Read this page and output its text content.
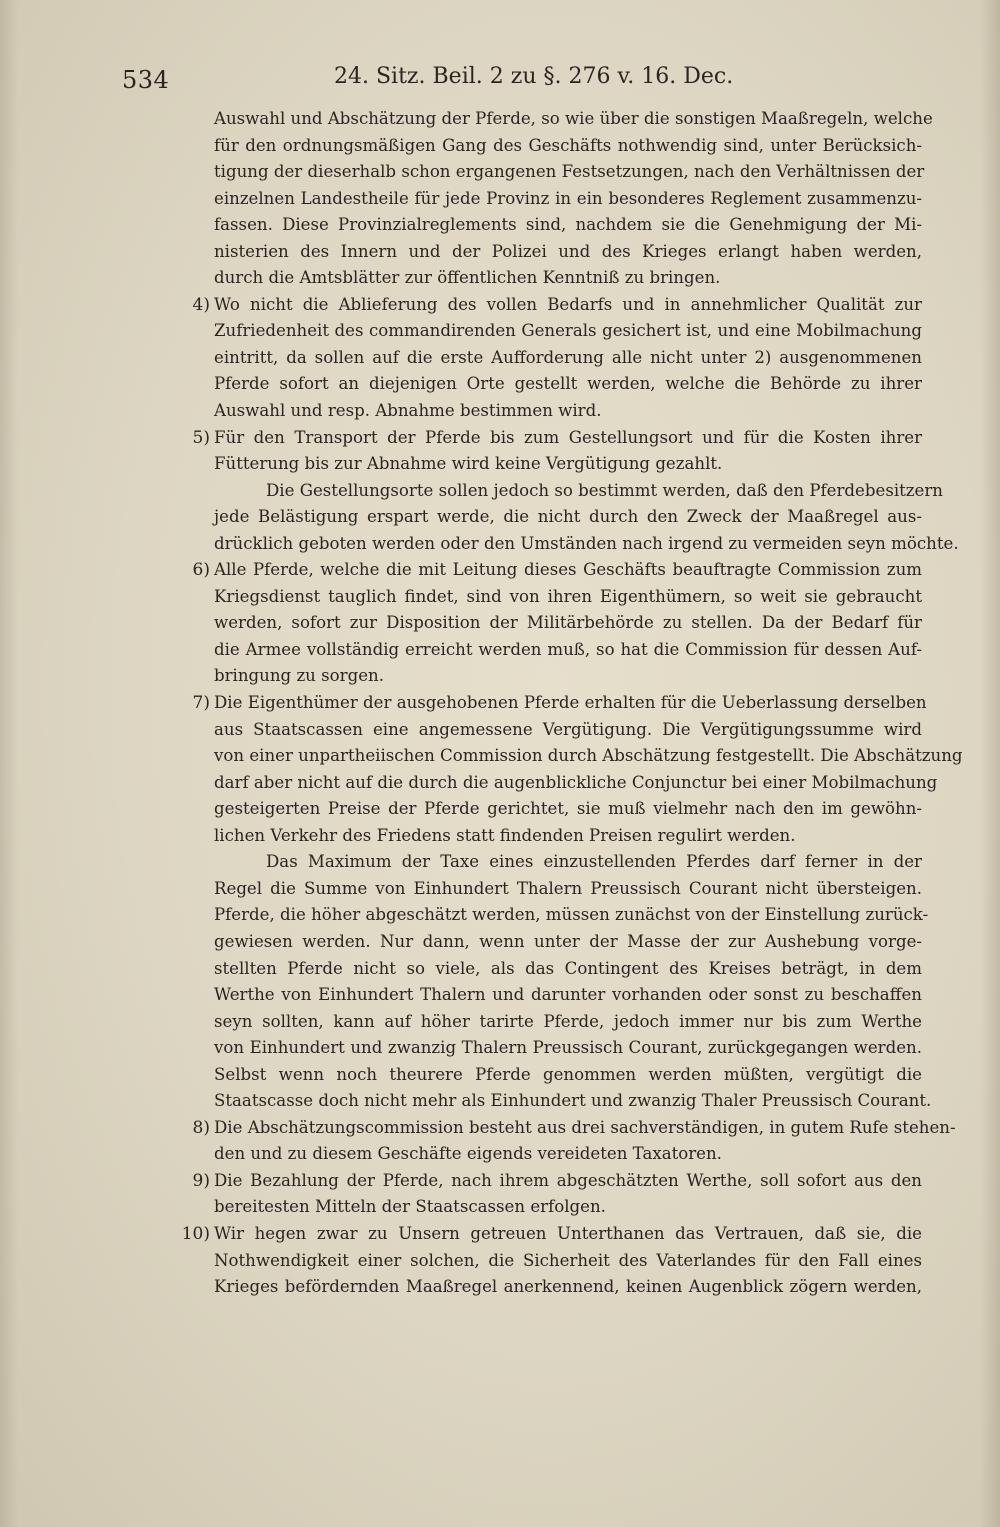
534	24. Sitz. Beil. 2 zu §. 276 v. 16. Dec.
Auswahl und Abschätzung der Pferde, so wie über die sonstigen Maaßregeln, welche
für den ordnungsmäßigen Gang des Geschäfts nothwendig sind, unter Berücksich-
tigung der dieserhalb schon ergangenen Festsetzungen, nach den Verhältnissen der
einzelnen Landestheile für jede Provinz in ein besonderes Reglement zusammenzu-
fassen. Diese Provinzialreglements sind, nachdem sie die Genehmigung der Mi-
nisterien des Innern und der Polizei und des Krieges erlangt haben werden,
durch die Amtsblätter zur öffentlichen Kenntniß zu bringen.
4) Wo nicht die Ablieferung des vollen Bedarfs und in annehmlicher Qualität zur
Zufriedenheit des commandirenden Generals gesichert ist, und eine Mobilmachung
eintritt, da sollen auf die erste Aufforderung alle nicht unter 2) ausgenommenen
Pferde sofort an diejenigen Orte gestellt werden, welche die Behörde zu ihrer
Auswahl und resp. Abnahme bestimmen wird.
5) Für den Transport der Pferde bis zum Gestellungsort und für die Kosten ihrer
Fütterung bis zur Abnahme wird keine Vergütigung gezahlt.
Die Gestellungsorte sollen jedoch so bestimmt werden, daß den Pferdebesitzern
jede Belästigung erspart werde, die nicht durch den Zweck der Maaßregel aus-
drücklich geboten werden oder den Umständen nach irgend zu vermeiden seyn möchte.
6) Alle Pferde, welche die mit Leitung dieses Geschäfts beauftragte Commission zum
Kriegsdienst tauglich findet, sind von ihren Eigenthümern, so weit sie gebraucht
werden, sofort zur Disposition der Militärbehörde zu stellen. Da der Bedarf für
die Armee vollständig erreicht werden muß, so hat die Commission für dessen Auf-
bringung zu sorgen.
7) Die Eigenthümer der ausgehobenen Pferde erhalten für die Ueberlassung derselben
aus Staatscassen eine angemessene Vergütigung. Die Vergütigungssumme wird
von einer unpartheiischen Commission durch Abschätzung festgestellt. Die Abschätzung
darf aber nicht auf die durch die augenblickliche Conjunctur bei einer Mobilmachung
gesteigerten Preise der Pferde gerichtet, sie muß vielmehr nach den im gewöhn-
lichen Verkehr des Friedens statt findenden Preisen regulirt werden.
Das Maximum der Taxe eines einzustellenden Pferdes darf ferner in der
Regel die Summe von Einhundert Thalern Preussisch Courant nicht übersteigen.
Pferde, die höher abgeschätzt werden, müssen zunächst von der Einstellung zurück-
gewiesen werden. Nur dann, wenn unter der Masse der zur Aushebung vorge-
stellten Pferde nicht so viele, als das Contingent des Kreises beträgt, in dem
Werthe von Einhundert Thalern und darunter vorhanden oder sonst zu beschaffen
seyn sollten, kann auf höher tarirte Pferde, jedoch immer nur bis zum Werthe
von Einhundert und zwanzig Thalern Preussisch Courant, zurückgegangen werden.
Selbst wenn noch theurere Pferde genommen werden müßten, vergütigt die
Staatscasse doch nicht mehr als Einhundert und zwanzig Thaler Preussisch Courant.
8) Die Abschätzungscommission besteht aus drei sachverständigen, in gutem Rufe stehen-
den und zu diesem Geschäfte eigends vereideten Taxatoren.
9) Die Bezahlung der Pferde, nach ihrem abgeschätzten Werthe, soll sofort aus den
bereitesten Mitteln der Staatscassen erfolgen.
10) Wir hegen zwar zu Unsern getreuen Unterthanen das Vertrauen, daß sie, die
Nothwendigkeit einer solchen, die Sicherheit des Vaterlandes für den Fall eines
Krieges befördernden Maaßregel anerkennend, keinen Augenblick zögern werden,
